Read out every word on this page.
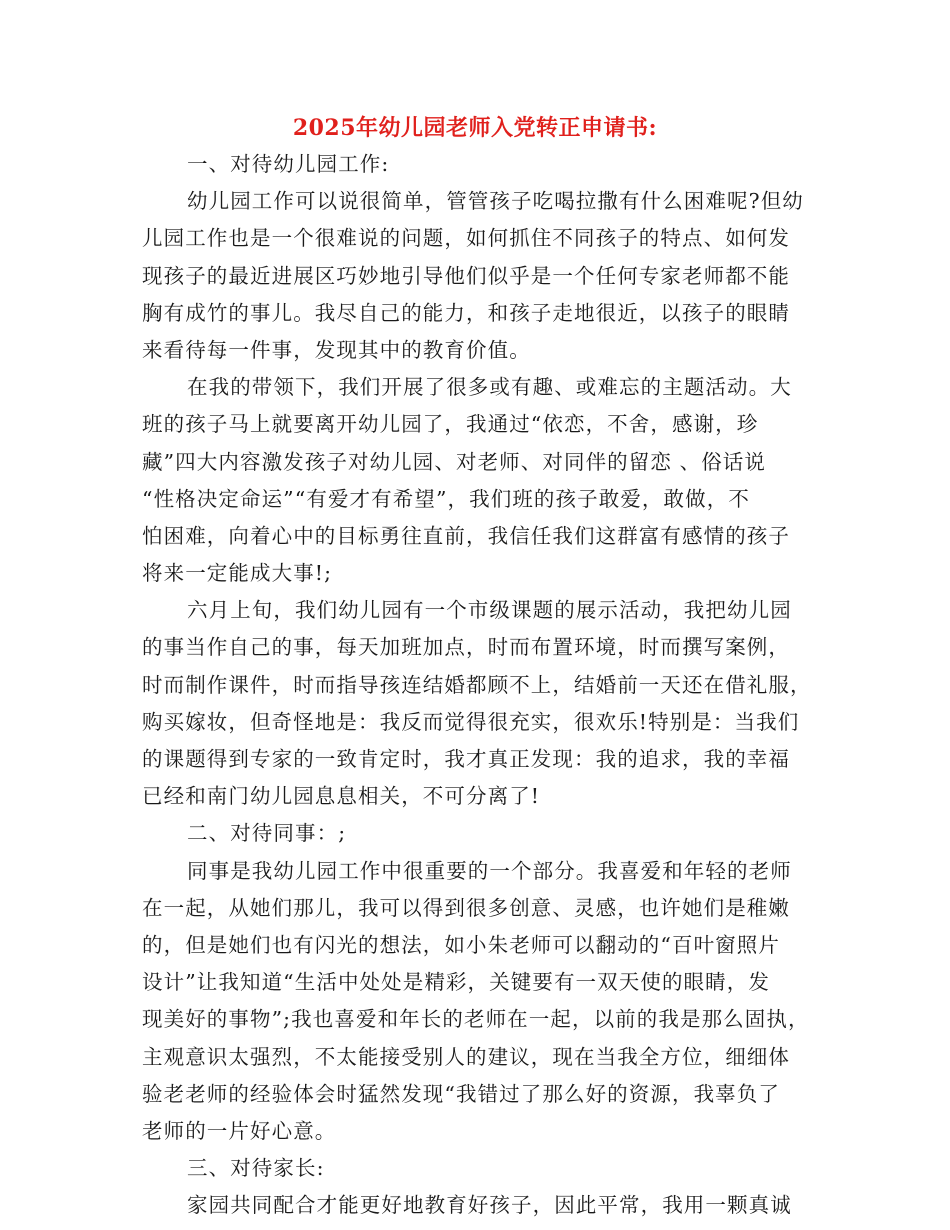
2025年幼儿园老师入党转正申请书:
一、对待幼儿园工作:
幼儿园工作可以说很简单，管管孩子吃喝拉撒有什么困难呢?但幼
儿园工作也是一个很难说的问题，如何抓住不同孩子的特点、如何发
现孩子的最近进展区巧妙地引导他们似乎是一个任何专家老师都不能
胸有成竹的事儿。我尽自己的能力，和孩子走地很近，以孩子的眼睛
来看待每一件事，发现其中的教育价值。
在我的带领下，我们开展了很多或有趣、或难忘的主题活动。大
班的孩子马上就要离开幼儿园了，我通过“依恋，不舍，感谢，珍
藏”四大内容激发孩子对幼儿园、对老师、对同伴的留恋 、俗话说
“性格决定命运”“有爱才有希望”，我们班的孩子敢爱，敢做，不
怕困难，向着心中的目标勇往直前，我信任我们这群富有感情的孩子
将来一定能成大事!;
六月上旬，我们幼儿园有一个市级课题的展示活动，我把幼儿园
的事当作自己的事，每天加班加点，时而布置环境，时而撰写案例，
时而制作课件，时而指导孩连结婚都顾不上，结婚前一天还在借礼服，
购买嫁妆，但奇怪地是：我反而觉得很充实，很欢乐!特别是：当我们
的课题得到专家的一致肯定时，我才真正发现：我的追求，我的幸福
已经和南门幼儿园息息相关，不可分离了!
二、对待同事：;
同事是我幼儿园工作中很重要的一个部分。我喜爱和年轻的老师
在一起，从她们那儿，我可以得到很多创意、灵感，也许她们是稚嫩
的，但是她们也有闪光的想法，如小朱老师可以翻动的“百叶窗照片
设计”让我知道“生活中处处是精彩，关键要有一双天使的眼睛，发
现美好的事物”;我也喜爱和年长的老师在一起，以前的我是那么固执，
主观意识太强烈，不太能接受别人的建议，现在当我全方位，细细体
验老老师的经验体会时猛然发现“我错过了那么好的资源，我辜负了
老师的一片好心意。
三、对待家长:
家园共同配合才能更好地教育好孩子，因此平常，我用一颗真诚
